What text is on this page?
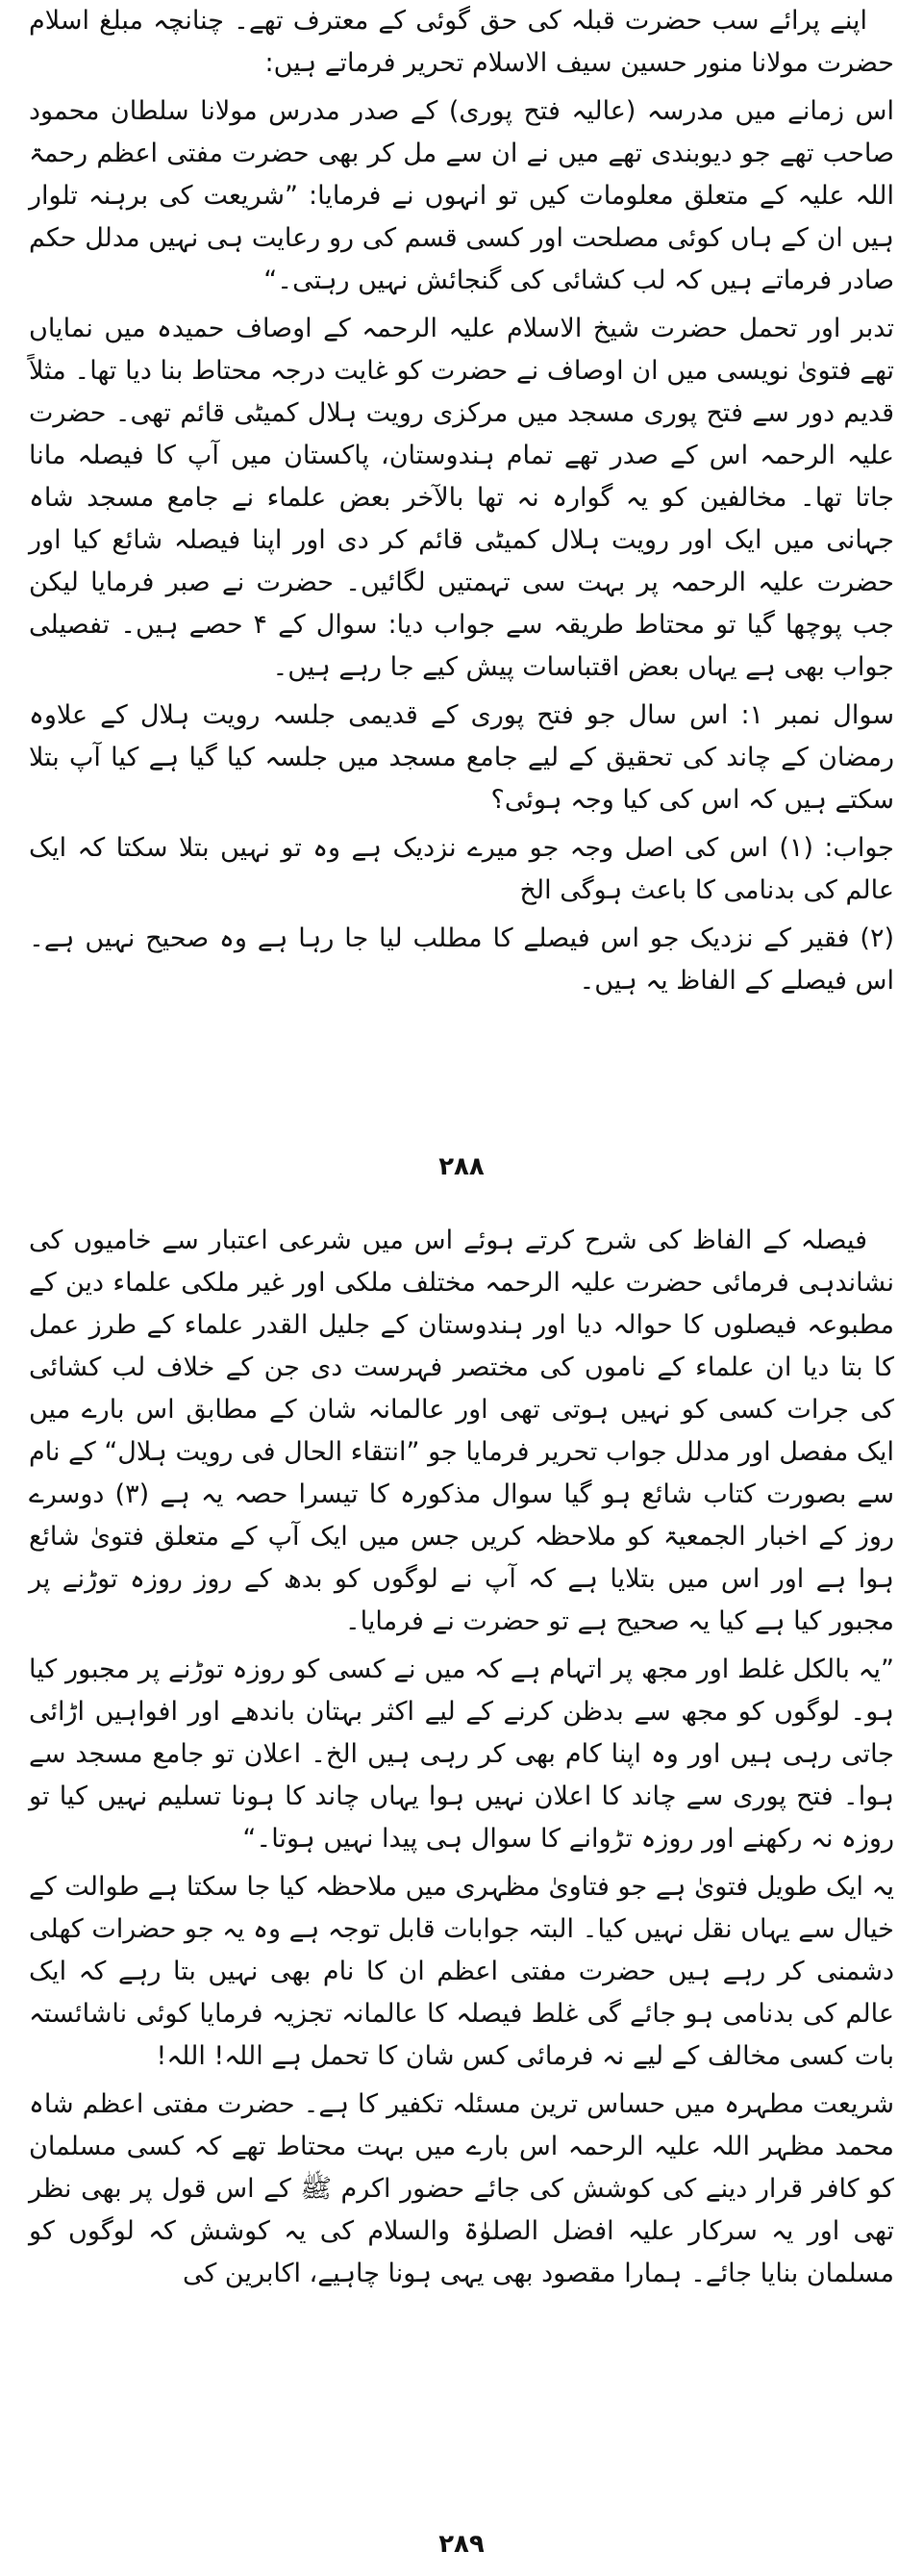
اپنے پرائے سب حضرت قبلہ کی حق گوئی کے معترف تھے۔ چنانچہ مبلغ اسلام حضرت مولانا منور حسین سیف الاسلام تحریر فرماتے ہیں:

اس زمانے میں مدرسہ (عالیہ فتح پوری) کے صدر مدرس مولانا سلطان محمود صاحب تھے جو دیوبندی تھے میں نے ان سے مل کر بھی حضرت مفتی اعظم رحمۃ اللہ علیہ کے متعلق معلومات کیں تو انہوں نے فرمایا: ”شریعت کی برہنہ تلوار ہیں ان کے ہاں کوئی مصلحت اور کسی قسم کی رو رعایت ہی نہیں مدلل حکم صادر فرماتے ہیں کہ لب کشائی کی گنجائش نہیں رہتی۔“

تدبر اور تحمل حضرت شیخ الاسلام علیہ الرحمہ کے اوصاف حمیدہ میں نمایاں تھے فتویٰ نویسی میں ان اوصاف نے حضرت کو غایت درجہ محتاط بنا دیا تھا۔ مثلاً قدیم دور سے فتح پوری مسجد میں مرکزی رویت ہلال کمیٹی قائم تھی۔ حضرت علیہ الرحمہ اس کے صدر تھے تمام ہندوستان، پاکستان میں آپ کا فیصلہ مانا جاتا تھا۔ مخالفین کو یہ گوارہ نہ تھا بالآخر بعض علماء نے جامع مسجد شاہ جہانی میں ایک اور رویت ہلال کمیٹی قائم کر دی اور اپنا فیصلہ شائع کیا اور حضرت علیہ الرحمہ پر بہت سی تہمتیں لگائیں۔ حضرت نے صبر فرمایا لیکن جب پوچھا گیا تو محتاط طریقہ سے جواب دیا: سوال کے ۴ حصے ہیں۔ تفصیلی جواب بھی ہے یہاں بعض اقتباسات پیش کیے جا رہے ہیں۔

سوال نمبر ۱: اس سال جو فتح پوری کے قدیمی جلسہ رویت ہلال کے علاوہ رمضان کے چاند کی تحقیق کے لیے جامع مسجد میں جلسہ کیا گیا ہے کیا آپ بتلا سکتے ہیں کہ اس کی کیا وجہ ہوئی؟

جواب: (۱) اس کی اصل وجہ جو میرے نزدیک ہے وہ تو نہیں بتلا سکتا کہ ایک عالم کی بدنامی کا باعث ہوگی الخ

(۲) فقیر کے نزدیک جو اس فیصلے کا مطلب لیا جا رہا ہے وہ صحیح نہیں ہے۔ اس فیصلے کے الفاظ یہ ہیں۔

۲۸۸

فیصلہ کے الفاظ کی شرح کرتے ہوئے اس میں شرعی اعتبار سے خامیوں کی نشاندہی فرمائی حضرت علیہ الرحمہ مختلف ملکی اور غیر ملکی علماء دین کے مطبوعہ فیصلوں کا حوالہ دیا اور ہندوستان کے جلیل القدر علماء کے طرز عمل کا بتا دیا ان علماء کے ناموں کی مختصر فہرست دی جن کے خلاف لب کشائی کی جرات کسی کو نہیں ہوتی تھی اور عالمانہ شان کے مطابق اس بارے میں ایک مفصل اور مدلل جواب تحریر فرمایا جو ”انتقاء الحال فی رویت ہلال“ کے نام سے بصورت کتاب شائع ہو گیا سوال مذکورہ کا تیسرا حصہ یہ ہے (۳) دوسرے روز کے اخبار الجمعیۃ کو ملاحظہ کریں جس میں ایک آپ کے متعلق فتویٰ شائع ہوا ہے اور اس میں بتلایا ہے کہ آپ نے لوگوں کو بدھ کے روز روزہ توڑنے پر مجبور کیا ہے کیا یہ صحیح ہے تو حضرت نے فرمایا۔

”یہ بالکل غلط اور مجھ پر اتہام ہے کہ میں نے کسی کو روزہ توڑنے پر مجبور کیا ہو۔ لوگوں کو مجھ سے بدظن کرنے کے لیے اکثر بہتان باندھے اور افواہیں اڑائی جاتی رہی ہیں اور وہ اپنا کام بھی کر رہی ہیں الخ۔ اعلان تو جامع مسجد سے ہوا۔ فتح پوری سے چاند کا اعلان نہیں ہوا یہاں چاند کا ہونا تسلیم نہیں کیا تو روزہ نہ رکھنے اور روزہ تڑوانے کا سوال ہی پیدا نہیں ہوتا۔“

یہ ایک طویل فتویٰ ہے جو فتاویٰ مظہری میں ملاحظہ کیا جا سکتا ہے طوالت کے خیال سے یہاں نقل نہیں کیا۔ البتہ جوابات قابل توجہ ہے وہ یہ جو حضرات کھلی دشمنی کر رہے ہیں حضرت مفتی اعظم ان کا نام بھی نہیں بتا رہے کہ ایک عالم کی بدنامی ہو جائے گی غلط فیصلہ کا عالمانہ تجزیہ فرمایا کوئی ناشائستہ بات کسی مخالف کے لیے نہ فرمائی کس شان کا تحمل ہے اللہ! اللہ!

شریعت مطہرہ میں حساس ترین مسئلہ تکفیر کا ہے۔ حضرت مفتی اعظم شاہ محمد مظہر اللہ علیہ الرحمہ اس بارے میں بہت محتاط تھے کہ کسی مسلمان کو کافر قرار دینے کی کوشش کی جائے حضور اکرم ﷺ کے اس قول پر بھی نظر تھی اور یہ سرکار علیہ افضل الصلوٰۃ والسلام کی یہ کوشش کہ لوگوں کو مسلمان بنایا جائے۔ ہمارا مقصود بھی یہی ہونا چاہیے، اکابرین کی

۲۸۹
